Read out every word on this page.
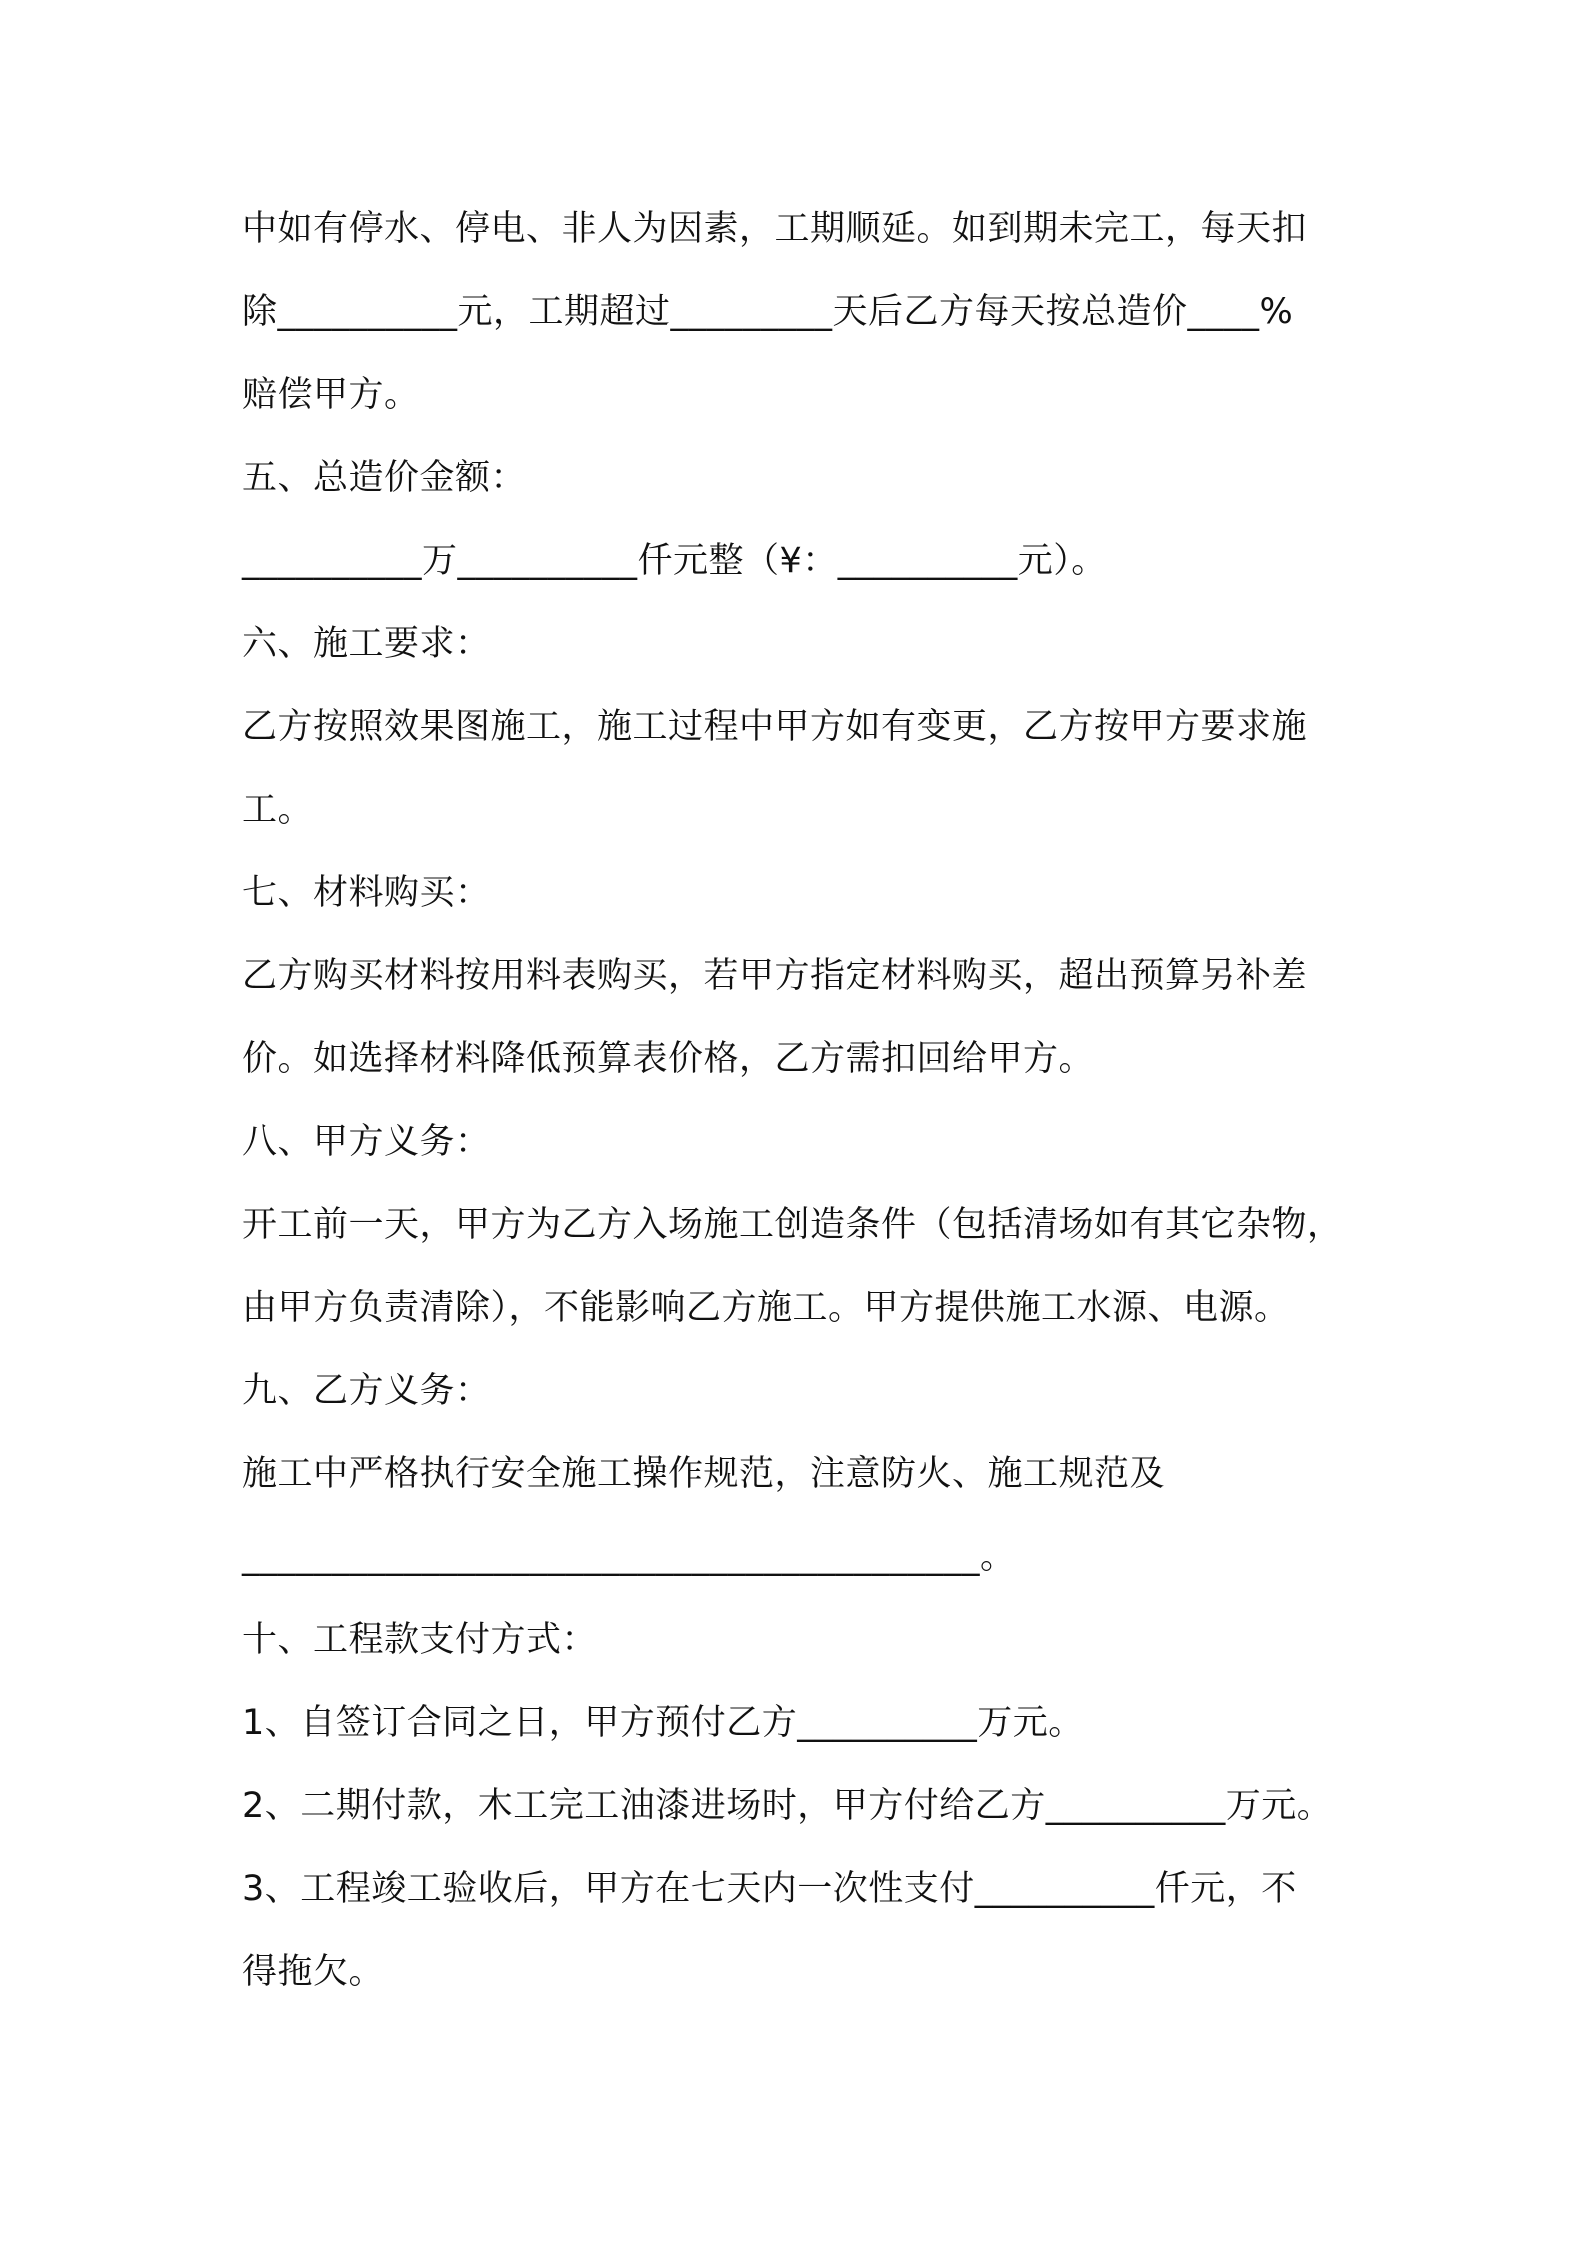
中如有停水、停电、非人为因素，工期顺延。如到期未完工，每天扣
除__________元，工期超过_________天后乙方每天按总造价____%
赔偿甲方。
五、总造价金额：
__________万__________仟元整（¥：__________元）。
六、施工要求：
乙方按照效果图施工，施工过程中甲方如有变更，乙方按甲方要求施
工。
七、材料购买：
乙方购买材料按用料表购买，若甲方指定材料购买，超出预算另补差
价。如选择材料降低预算表价格，乙方需扣回给甲方。
八、甲方义务：
开工前一天，甲方为乙方入场施工创造条件（包括清场如有其它杂物，
由甲方负责清除），不能影响乙方施工。甲方提供施工水源、电源。
九、乙方义务：
施工中严格执行安全施工操作规范，注意防火、施工规范及
_________________________________________。
十、工程款支付方式：
1、自签订合同之日，甲方预付乙方__________万元。
2、二期付款，木工完工油漆进场时，甲方付给乙方__________万元。
3、工程竣工验收后，甲方在七天内一次性支付__________仟元，不
得拖欠。
